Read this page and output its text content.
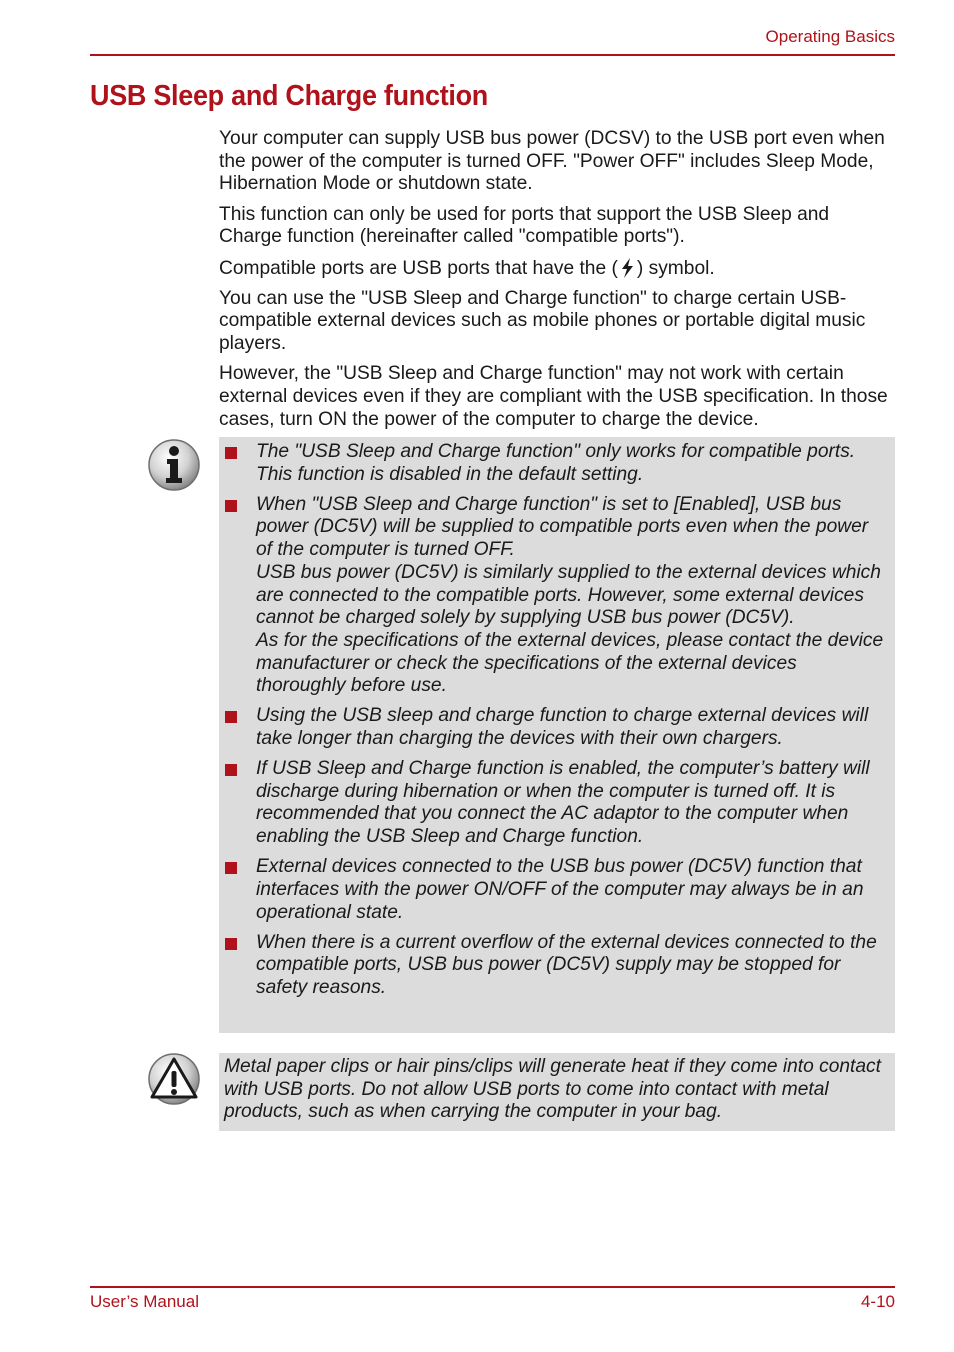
Operating Basics
USB Sleep and Charge function

Your computer can supply USB bus power (DCSV) to the USB port even when the power of the computer is turned OFF. "Power OFF" includes Sleep Mode, Hibernation Mode or shutdown state.

This function can only be used for ports that support the USB Sleep and Charge function (hereinafter called "compatible ports").

Compatible ports are USB ports that have the ( ) symbol.

You can use the "USB Sleep and Charge function" to charge certain USB-compatible external devices such as mobile phones or portable digital music players.

However, the "USB Sleep and Charge function" may not work with certain external devices even if they are compliant with the USB specification. In those cases, turn ON the power of the computer to charge the device.

The "USB Sleep and Charge function" only works for compatible ports. This function is disabled in the default setting.
When "USB Sleep and Charge function" is set to [Enabled], USB bus power (DC5V) will be supplied to compatible ports even when the power of the computer is turned OFF.
USB bus power (DC5V) is similarly supplied to the external devices which are connected to the compatible ports. However, some external devices cannot be charged solely by supplying USB bus power (DC5V).
As for the specifications of the external devices, please contact the device manufacturer or check the specifications of the external devices thoroughly before use.
Using the USB sleep and charge function to charge external devices will take longer than charging the devices with their own chargers.
If USB Sleep and Charge function is enabled, the computer’s battery will discharge during hibernation or when the computer is turned off. It is recommended that you connect the AC adaptor to the computer when enabling the USB Sleep and Charge function.
External devices connected to the USB bus power (DC5V) function that interfaces with the power ON/OFF of the computer may always be in an operational state.
When there is a current overflow of the external devices connected to the compatible ports, USB bus power (DC5V) supply may be stopped for safety reasons.
Metal paper clips or hair pins/clips will generate heat if they come into contact with USB ports. Do not allow USB ports to come into contact with metal products, such as when carrying the computer in your bag.
User’s Manual	4-10
